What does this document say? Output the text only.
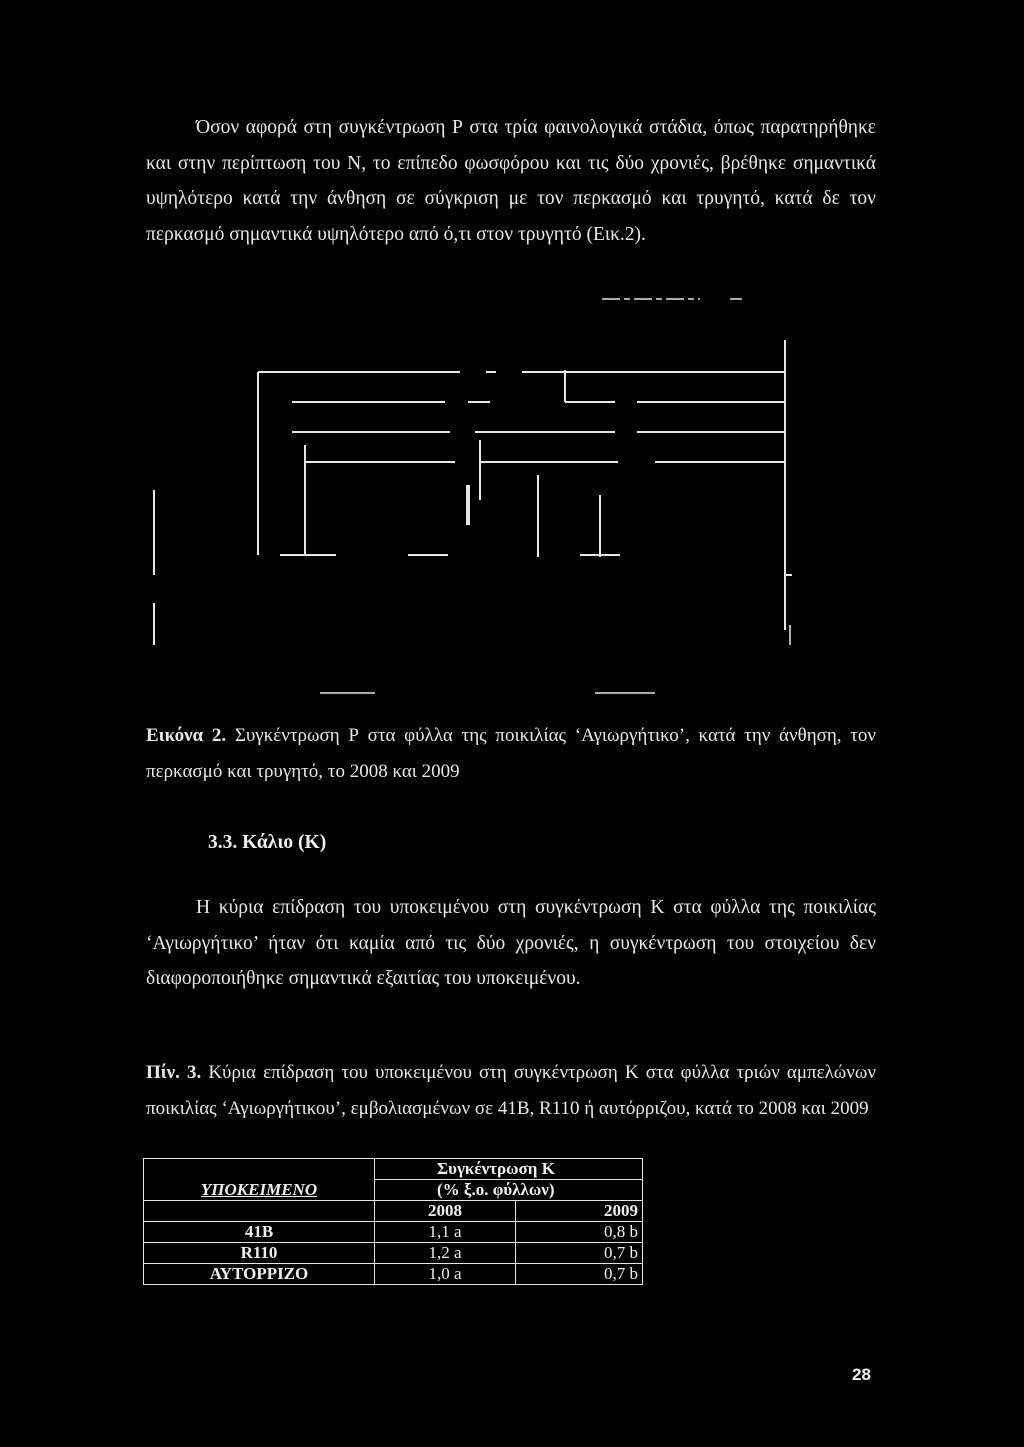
Όσον αφορά στη συγκέντρωση Ρ στα τρία φαινολογικά στάδια, όπως παρατηρήθηκε και στην περίπτωση του Ν, το επίπεδο φωσφόρου και τις δύο χρονιές, βρέθηκε σημαντικά υψηλότερο κατά την άνθηση σε σύγκριση με τον περκασμό και τρυγητό, κατά δε τον περκασμό σημαντικά υψηλότερο από ό,τι στον τρυγητό (Εικ.2).

Εικόνα 2. Συγκέντρωση Ρ στα φύλλα της ποικιλίας ‘Αγιωργήτικο’, κατά την άνθηση, τον περκασμό και τρυγητό, το 2008 και 2009

3.3. Κάλιο (Κ)

Η κύρια επίδραση του υποκειμένου στη συγκέντρωση Κ στα φύλλα της ποικιλίας ‘Αγιωργήτικο’ ήταν ότι καμία από τις δύο χρονιές, η συγκέντρωση του στοιχείου δεν διαφοροποιήθηκε σημαντικά εξαιτίας του υποκειμένου.

Πίν. 3. Κύρια επίδραση του υποκειμένου στη συγκέντρωση Κ στα φύλλα τριών αμπελώνων ποικιλίας ‘Αγιωργήτικου’, εμβολιασμένων σε 41Β, R110 ή αυτόρριζου, κατά το 2008 και 2009

ΥΠΟΚΕΙΜΕΝΟ	Συγκέντρωση Κ	
	(% ξ.ο. φύλλων)	
	2008	2009
41B	1,1 a	0,8 b
R110	1,2 a	0,7 b
ΑΥΤΟΡΡΙΖΟ	1,0 a	0,7 b
28
